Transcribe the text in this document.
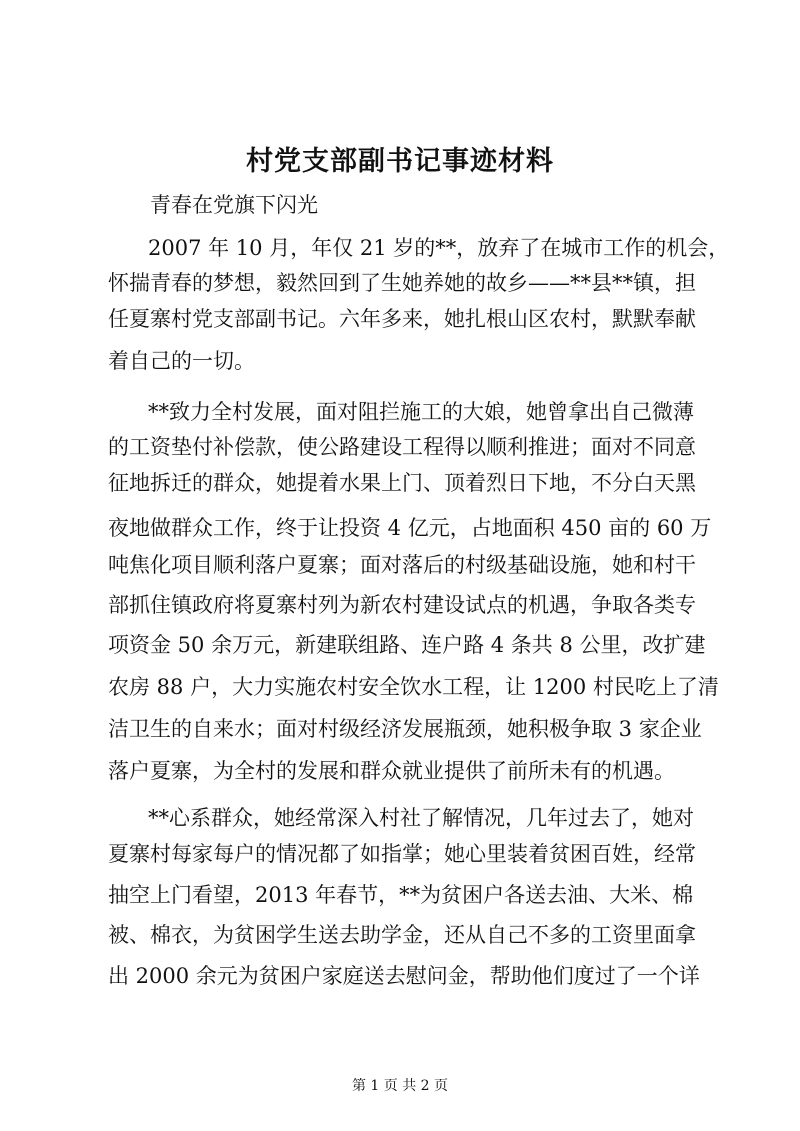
村党支部副书记事迹材料

青春在党旗下闪光

2007 年 10 月，年仅 21 岁的**，放弃了在城市工作的机会，

怀揣青春的梦想，毅然回到了生她养她的故乡——**县**镇，担

任夏寨村党支部副书记。六年多来，她扎根山区农村，默默奉献

着自己的一切。

**致力全村发展，面对阻拦施工的大娘，她曾拿出自己微薄

的工资垫付补偿款，使公路建设工程得以顺利推进；面对不同意

征地拆迁的群众，她提着水果上门、顶着烈日下地，不分白天黑

夜地做群众工作，终于让投资 4 亿元，占地面积 450 亩的 60 万

吨焦化项目顺利落户夏寨；面对落后的村级基础设施，她和村干

部抓住镇政府将夏寨村列为新农村建设试点的机遇，争取各类专

项资金 50 余万元，新建联组路、连户路 4 条共 8 公里，改扩建

农房 88 户，大力实施农村安全饮水工程，让 1200 村民吃上了清

洁卫生的自来水；面对村级经济发展瓶颈，她积极争取 3 家企业

落户夏寨，为全村的发展和群众就业提供了前所未有的机遇。

**心系群众，她经常深入村社了解情况，几年过去了，她对

夏寨村每家每户的情况都了如指掌；她心里装着贫困百姓，经常

抽空上门看望，2013 年春节，**为贫困户各送去油、大米、棉

被、棉衣，为贫困学生送去助学金，还从自己不多的工资里面拿

出 2000 余元为贫困户家庭送去慰问金，帮助他们度过了一个详

第 1 页 共 2 页
